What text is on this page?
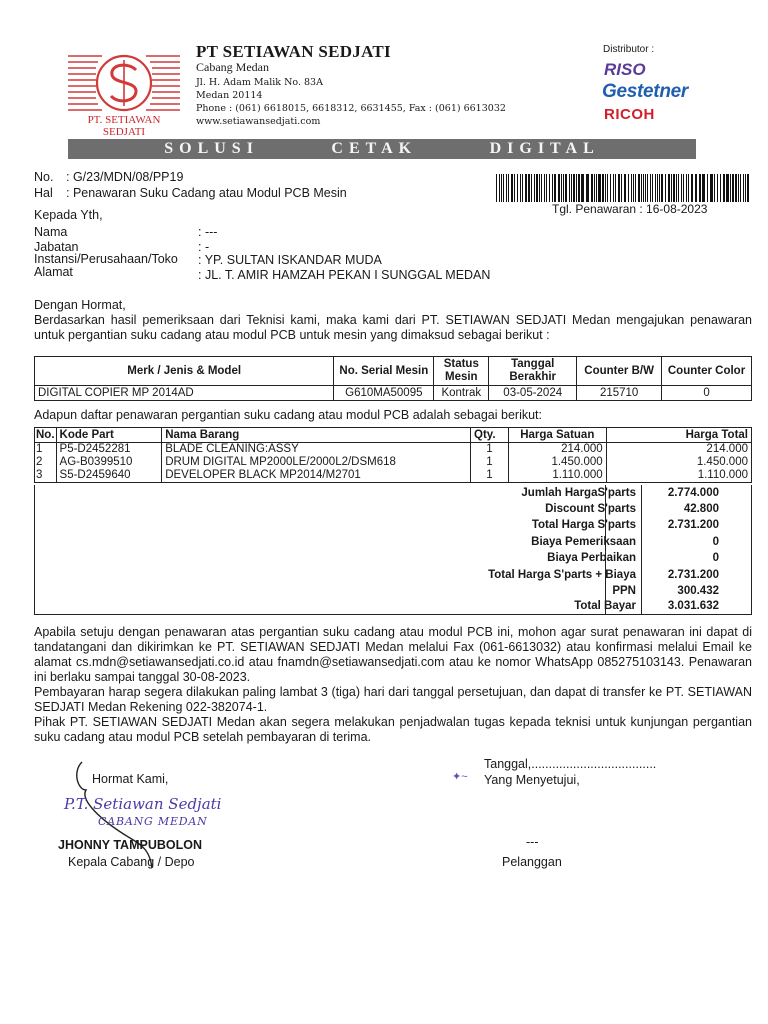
PT. SETIAWAN SEDJATI
PT SETIAWAN SEDJATI
Cabang Medan
Jl. H. Adam Malik No. 83A
Medan 20114
Phone : (061) 6618015, 6618312, 6631455, Fax : (061) 6613032
www.setiawansedjati.com
Distributor :
RISO
Gestetner
RICOH
SOLUSI	CETAK	DIGITAL
No. : G/23/MDN/08/PP19
Hal : Penawaran Suku Cadang atau Modul PCB Mesin
Tgl. Penawaran : 16-08-2023
Kepada Yth,
Nama	: ---
Jabatan	: -
Instansi/Perusahaan/Toko : YP. SULTAN ISKANDAR MUDA
Alamat	: JL. T. AMIR HAMZAH PEKAN I SUNGGAL MEDAN
Dengan Hormat,
Berdasarkan hasil pemeriksaan dari Teknisi kami, maka kami dari PT. SETIAWAN SEDJATI Medan mengajukan penawaran untuk pergantian suku cadang atau modul PCB untuk mesin yang dimaksud sebagai berikut :
Merk / Jenis & Model	No. Serial Mesin	Status Mesin	Tanggal Berakhir	Counter B/W	Counter Color
DIGITAL COPIER MP 2014AD	G610MA50095	Kontrak	03-05-2024	215710	0
Adapun daftar penawaran pergantian suku cadang atau modul PCB adalah sebagai berikut:
No.	Kode Part	Nama Barang	Qty.	Harga Satuan	Harga Total
1	P5-D2452281	BLADE CLEANING:ASSY	1	214.000	214.000
2	AG-B0399510	DRUM DIGITAL MP2000LE/2000L2/DSM618	1	1.450.000	1.450.000
3	S5-D2459640	DEVELOPER BLACK MP2014/M2701	1	1.110.000	1.110.000
Jumlah HargaS'parts	2.774.000
Discount S'parts	42.800
Total Harga S'parts	2.731.200
Biaya Pemeriksaan	0
Biaya Perbaikan	0
Total Harga S'parts + Biaya	2.731.200
PPN	300.432
Total Bayar	3.031.632
Apabila setuju dengan penawaran atas pergantian suku cadang atau modul PCB ini, mohon agar surat penawaran ini dapat di tandatangani dan dikirimkan ke PT. SETIAWAN SEDJATI Medan melalui Fax (061-6613032) atau konfirmasi melalui Email ke alamat cs.mdn@setiawansedjati.co.id atau fnamdn@setiawansedjati.com atau ke nomor WhatsApp 085275103143. Penawaran ini berlaku sampai tanggal 30-08-2023.
Pembayaran harap segera dilakukan paling lambat 3 (tiga) hari dari tanggal persetujuan, dan dapat di transfer ke PT. SETIAWAN SEDJATI Medan Rekening 022-382074-1.
Pihak PT. SETIAWAN SEDJATI Medan akan segera melakukan penjadwalan tugas kepada teknisi untuk kunjungan pergantian suku cadang atau modul PCB setelah pembayaran di terima.
Hormat Kami,
P.T. Setiawan Sedjati
CABANG MEDAN
JHONNY TAMPUBOLON
Kepala Cabang / Depo
Tanggal,....................................
✦~ Yang Menyetujui,
---
Pelanggan
